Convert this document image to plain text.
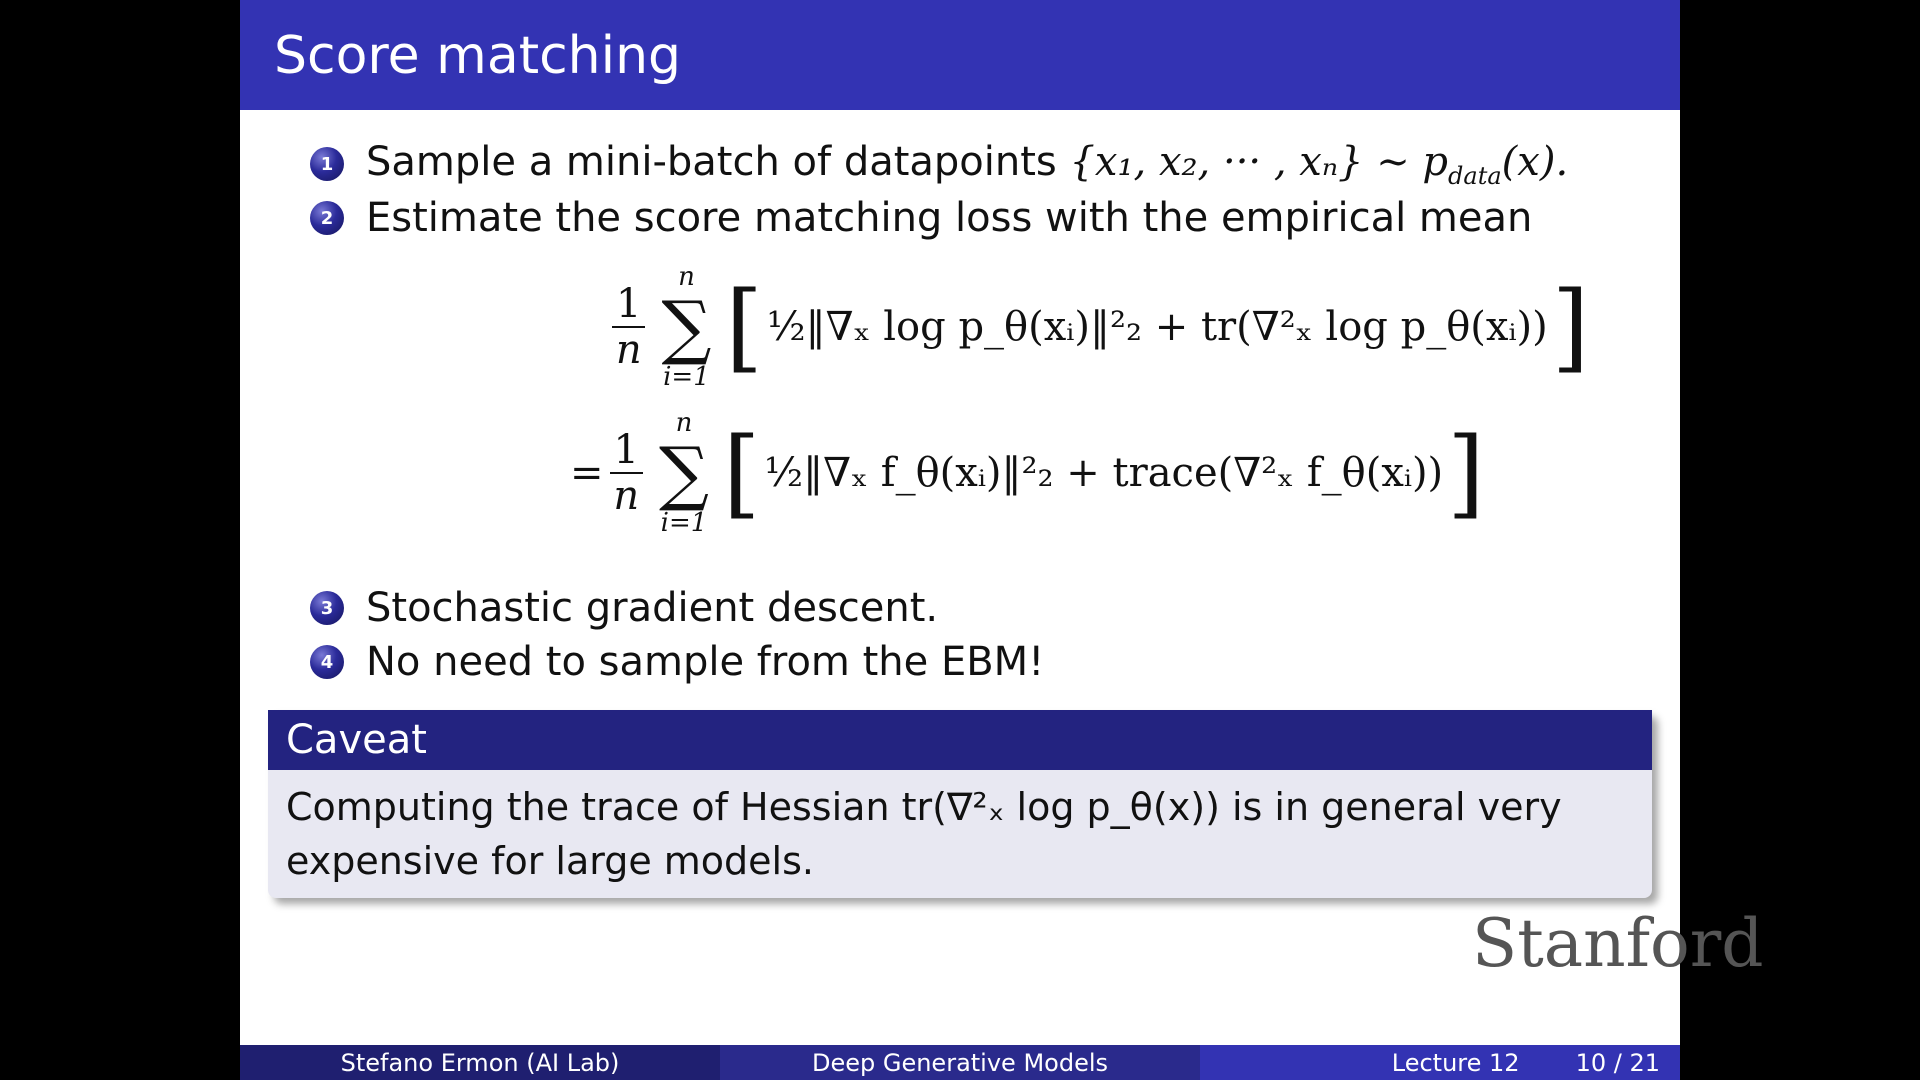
Score matching
1 Sample a mini-batch of datapoints {x₁, x₂, ··· , xₙ} ∼ $p_{data}(x)$.
2 Estimate the score matching loss with the empirical mean
$\frac{1}{n}$
n
∑
i=1 [ ½‖∇ₓ log p_θ(xᵢ)‖²₂ + tr(∇²ₓ log p_θ(xᵢ)) ]
= $\frac{1}{n}$
n
∑
i=1 [ ½‖∇ₓ f_θ(xᵢ)‖²₂ + trace(∇²ₓ f_θ(xᵢ)) ]
3 Stochastic gradient descent.
4 No need to sample from the EBM!
Caveat
Computing the trace of Hessian tr(∇²ₓ log p_θ(x)) is in general very
expensive for large models.
Stanford
Stefano Ermon (AI Lab)	Deep Generative Models	Lecture 12 10 / 21
